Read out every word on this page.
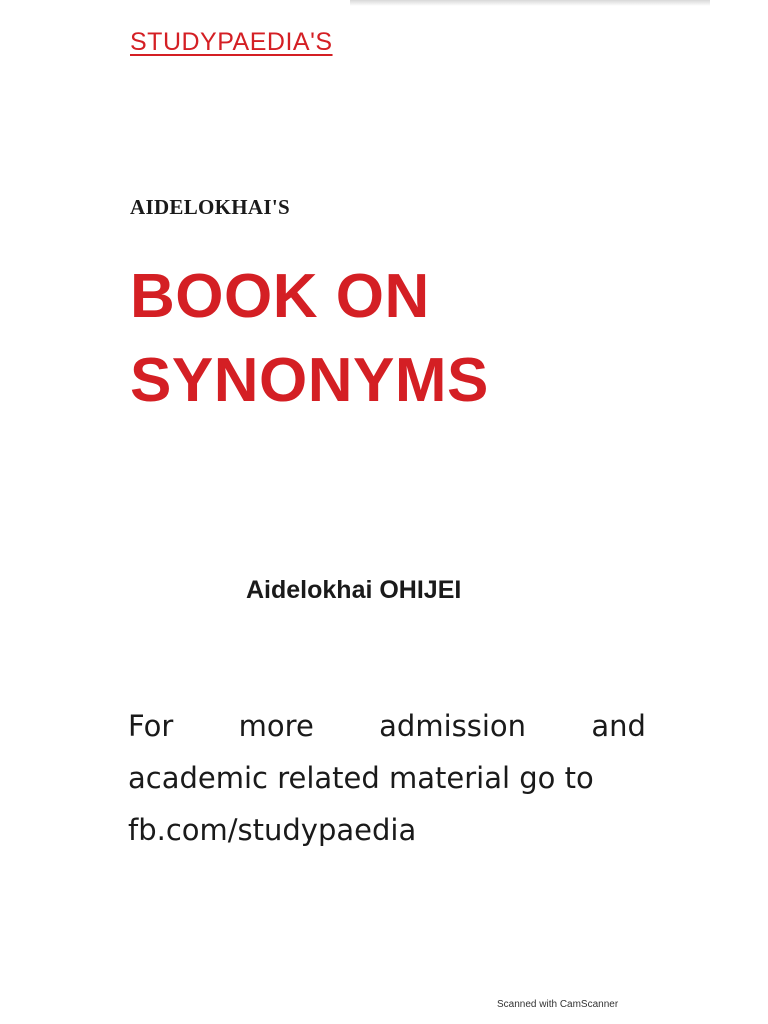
STUDYPAEDIA'S
AIDELOKHAI'S
BOOK ON
SYNONYMS
Aidelokhai OHIJEI
For more admission and
academic related material go to
fb.com/studypaedia
Scanned with CamScanner
